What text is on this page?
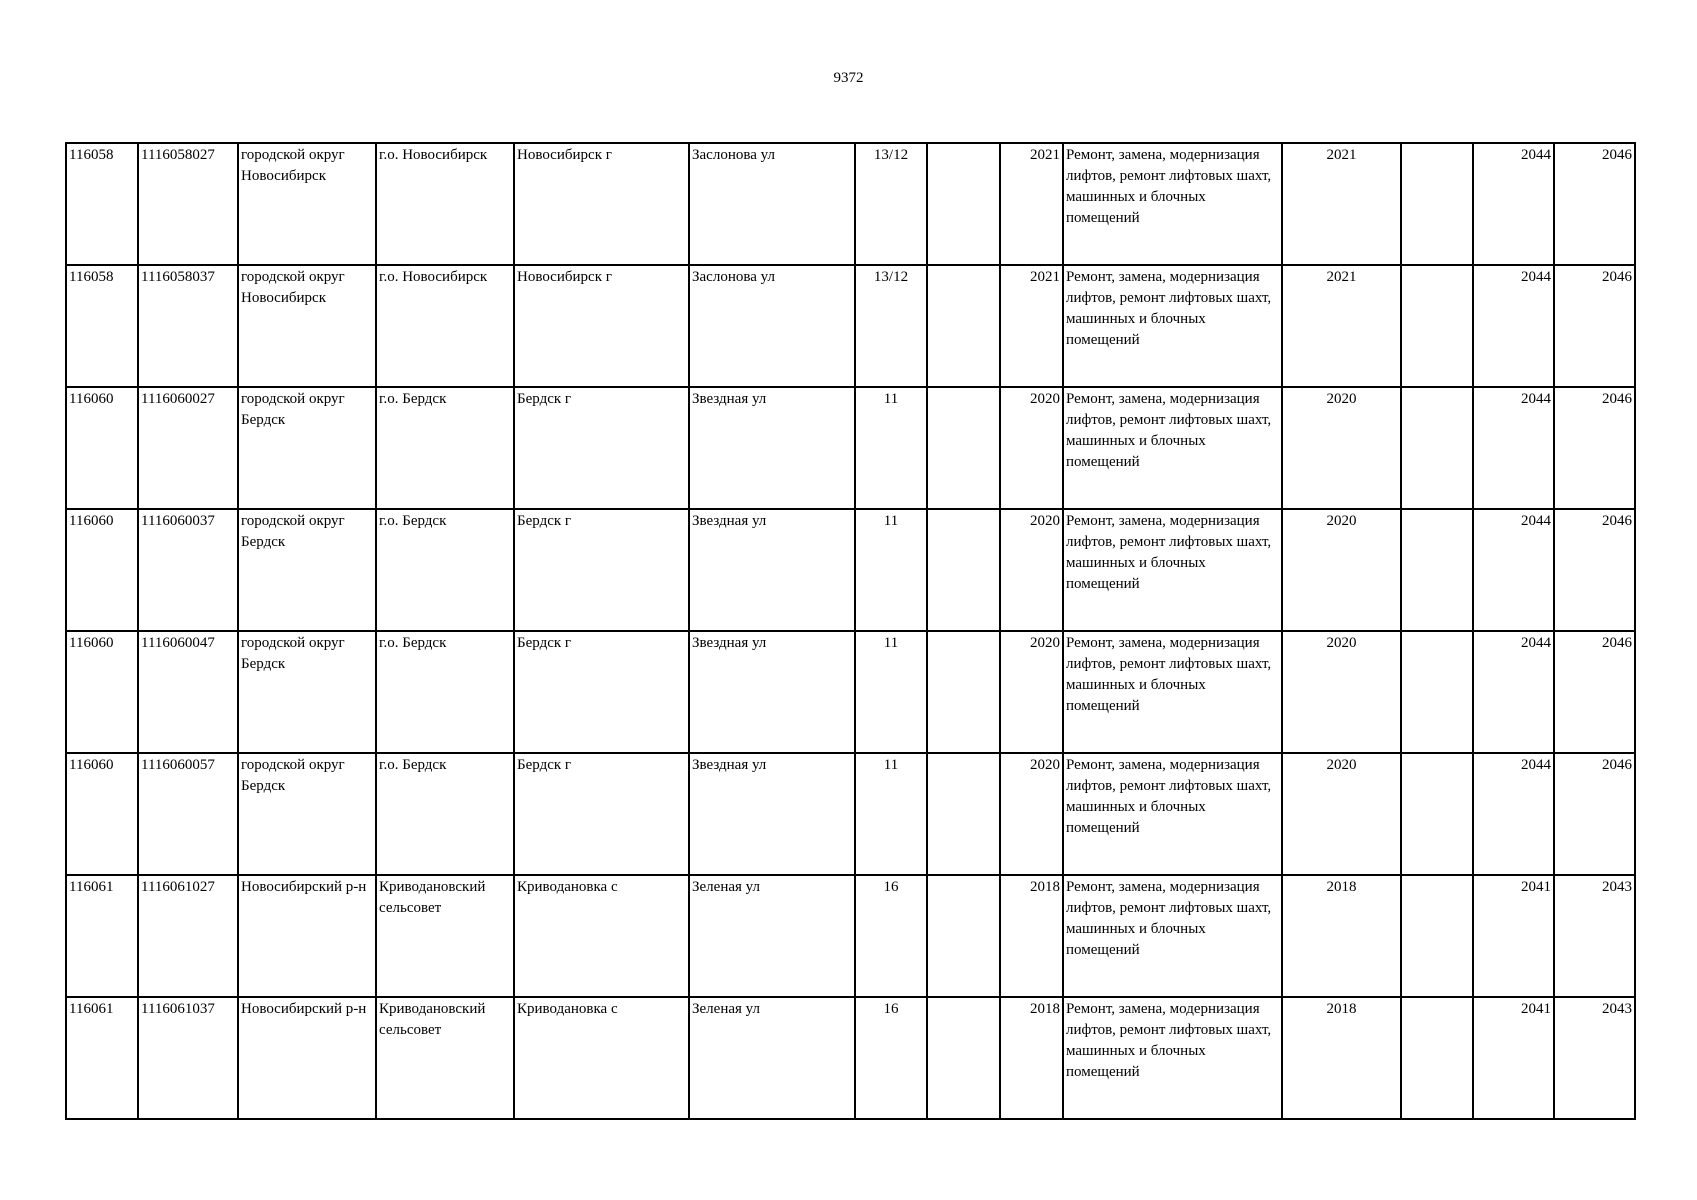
9372
116058	1116058027	городской округ Новосибирск	г.о. Новосибирск	Новосибирск г	Заслонова ул	13/12		2021	Ремонт, замена, модернизация лифтов, ремонт лифтовых шахт, машинных и блочных помещений	2021		2044	2046
116058	1116058037	городской округ Новосибирск	г.о. Новосибирск	Новосибирск г	Заслонова ул	13/12		2021	Ремонт, замена, модернизация лифтов, ремонт лифтовых шахт, машинных и блочных помещений	2021		2044	2046
116060	1116060027	городской округ Бердск	г.о. Бердск	Бердск г	Звездная ул	11		2020	Ремонт, замена, модернизация лифтов, ремонт лифтовых шахт, машинных и блочных помещений	2020		2044	2046
116060	1116060037	городской округ Бердск	г.о. Бердск	Бердск г	Звездная ул	11		2020	Ремонт, замена, модернизация лифтов, ремонт лифтовых шахт, машинных и блочных помещений	2020		2044	2046
116060	1116060047	городской округ Бердск	г.о. Бердск	Бердск г	Звездная ул	11		2020	Ремонт, замена, модернизация лифтов, ремонт лифтовых шахт, машинных и блочных помещений	2020		2044	2046
116060	1116060057	городской округ Бердск	г.о. Бердск	Бердск г	Звездная ул	11		2020	Ремонт, замена, модернизация лифтов, ремонт лифтовых шахт, машинных и блочных помещений	2020		2044	2046
116061	1116061027	Новосибирский р-н	Криводановский сельсовет	Криводановка с	Зеленая ул	16		2018	Ремонт, замена, модернизация лифтов, ремонт лифтовых шахт, машинных и блочных помещений	2018		2041	2043
116061	1116061037	Новосибирский р-н	Криводановский сельсовет	Криводановка с	Зеленая ул	16		2018	Ремонт, замена, модернизация лифтов, ремонт лифтовых шахт, машинных и блочных помещений	2018		2041	2043
